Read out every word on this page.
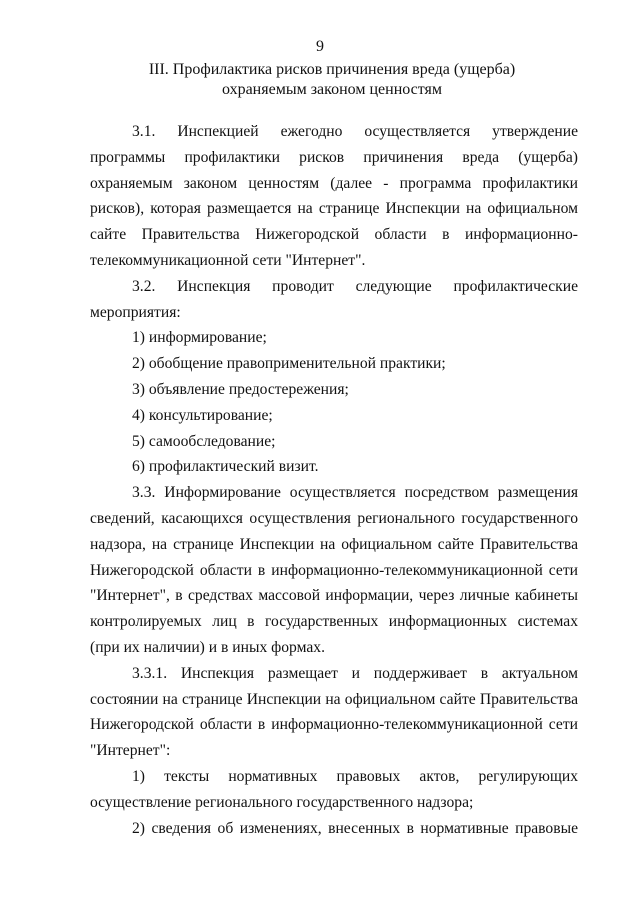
9
III. Профилактика рисков причинения вреда (ущерба)
охраняемым законом ценностям

3.1. Инспекцией ежегодно осуществляется утверждение программы профилактики рисков причинения вреда (ущерба) охраняемым законом ценностям (далее - программа профилактики рисков), которая размещается на странице Инспекции на официальном сайте Правительства Нижегородской области в информационно-телекоммуникационной сети "Интернет".

3.2. Инспекция проводит следующие профилактические мероприятия:

1) информирование;

2) обобщение правоприменительной практики;

3) объявление предостережения;

4) консультирование;

5) самообследование;

6) профилактический визит.

3.3. Информирование осуществляется посредством размещения сведений, касающихся осуществления регионального государственного надзора, на странице Инспекции на официальном сайте Правительства Нижегородской области в информационно-телекоммуникационной сети "Интернет", в средствах массовой информации, через личные кабинеты контролируемых лиц в государственных информационных системах (при их наличии) и в иных формах.

3.3.1. Инспекция размещает и поддерживает в актуальном состоянии на странице Инспекции на официальном сайте Правительства Нижегородской области в информационно-телекоммуникационной сети "Интернет":

1) тексты нормативных правовых актов, регулирующих осуществление регионального государственного надзора;

2) сведения об изменениях, внесенных в нормативные правовые
